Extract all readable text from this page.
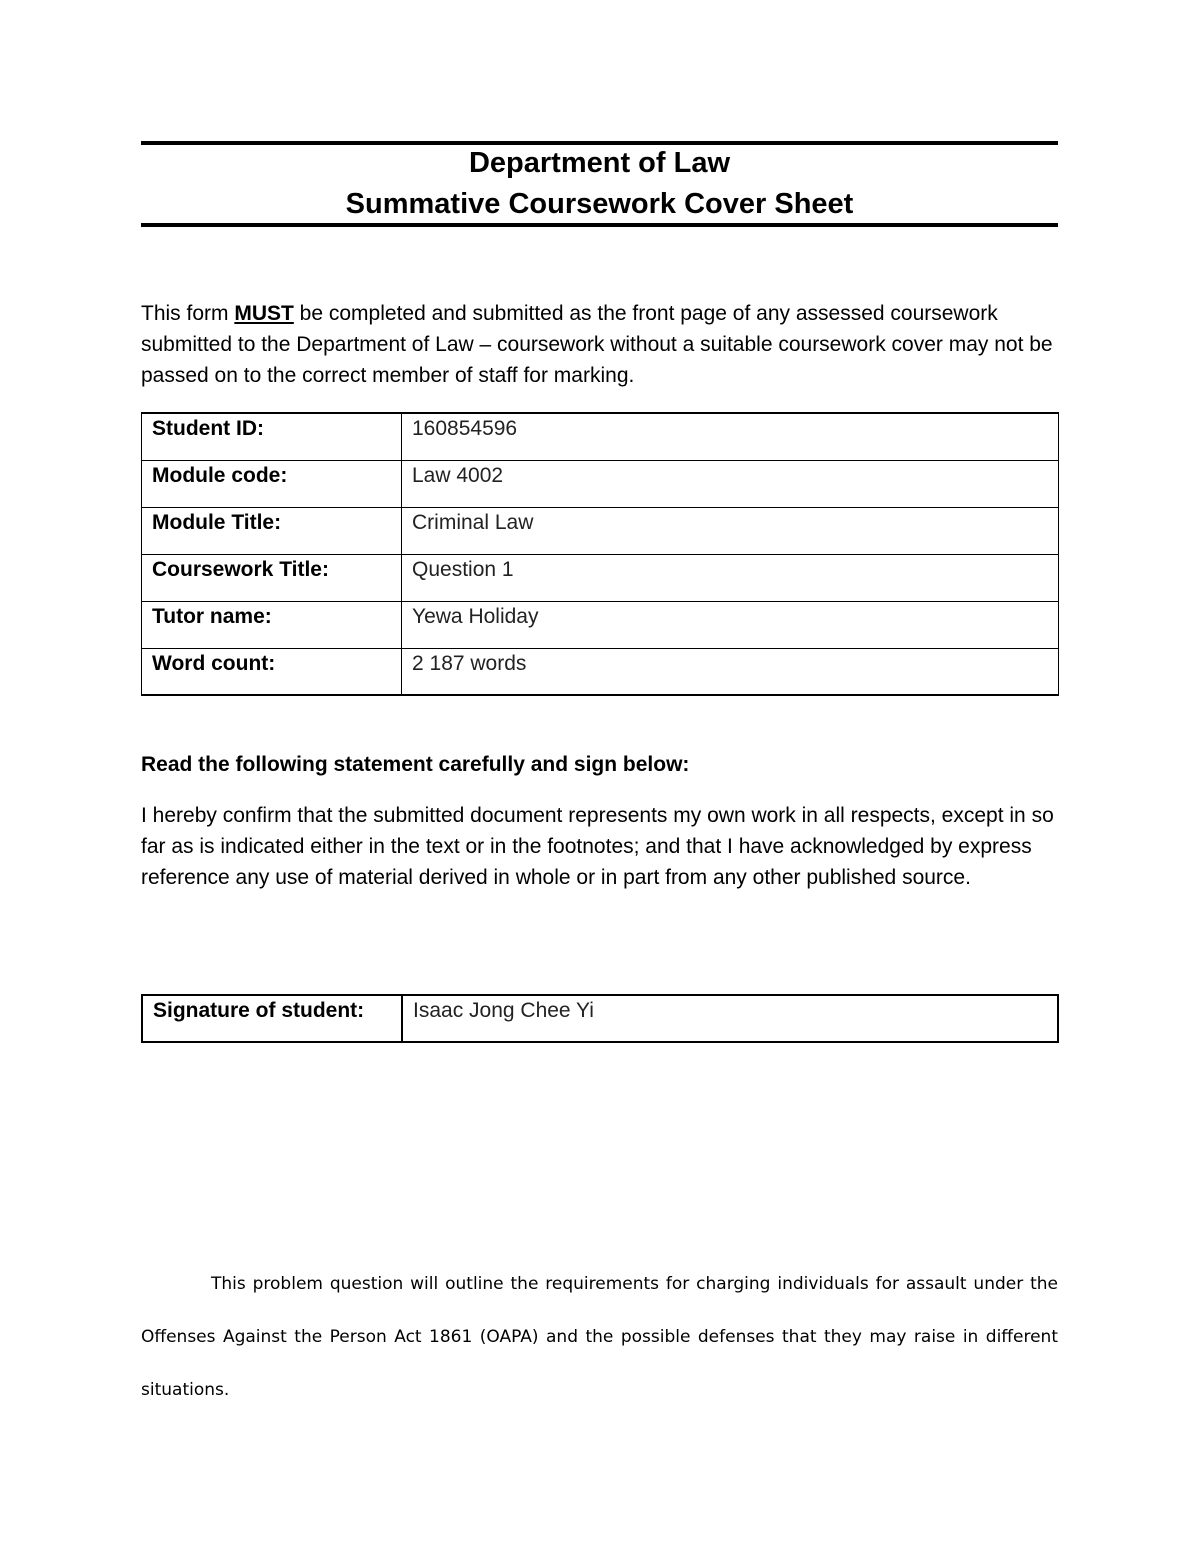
Department of Law
Summative Coursework Cover Sheet
This form MUST be completed and submitted as the front page of any assessed coursework submitted to the Department of Law – coursework without a suitable coursework cover may not be passed on to the correct member of staff for marking.
Student ID:	160854596
Module code:	Law 4002
Module Title:	Criminal Law
Coursework Title:	Question 1
Tutor name:	Yewa Holiday
Word count:	2 187 words
Read the following statement carefully and sign below:
I hereby confirm that the submitted document represents my own work in all respects, except in so far as is indicated either in the text or in the footnotes; and that I have acknowledged by express reference any use of material derived in whole or in part from any other published source.
Signature of student:	Isaac Jong Chee Yi
This problem question will outline the requirements for charging individuals for assault under the Offenses Against the Person Act 1861 (OAPA) and the possible defenses that they may raise in different situations.
